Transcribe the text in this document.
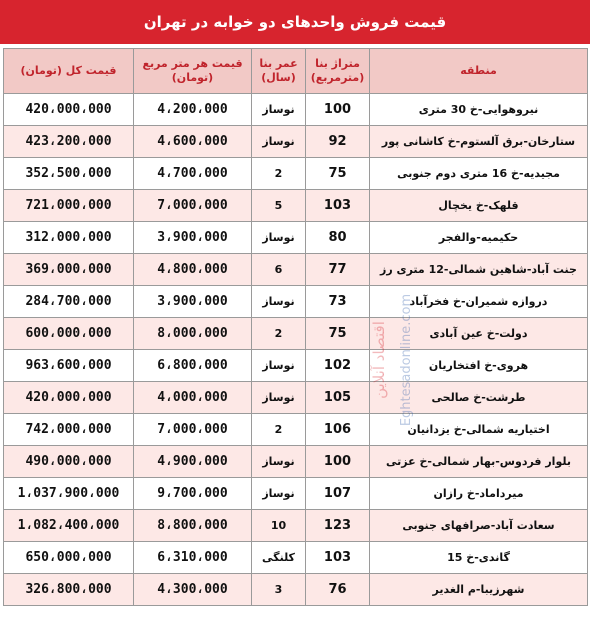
قیمت فروش واحدهای دو خوابه در تهران
منطقه	متراژ بنا (مترمربع)	عمر بنا (سال)	قیمت هر متر مربع (تومان)	قیمت کل (تومان)
نیروهوایی-خ 30 متری	100	نوساز	4،200،000	420،000،000
ستارخان-برق آلستوم-خ کاشانی پور	92	نوساز	4،600،000	423،200،000
مجیدیه-خ 16 متری دوم جنوبی	75	2	4،700،000	352،500،000
قلهک-خ یخچال	103	5	7،000،000	721،000،000
حکیمیه-والفجر	80	نوساز	3،900،000	312،000،000
جنت آباد-شاهین شمالی-12 متری رز	77	6	4،800،000	369،000،000
دروازه شمیران-خ فخرآباد	73	نوساز	3،900،000	284،700،000
دولت-خ عین آبادی	75	2	8،000،000	600،000،000
هروی-خ افتخاریان	102	نوساز	6،800،000	963،600،000
طرشت-خ صالحی	105	نوساز	4،000،000	420،000،000
اختیاریه شمالی-خ یزدانیان	106	2	7،000،000	742،000،000
بلوار فردوس-بهار شمالی-خ عزتی	100	نوساز	4،900،000	490،000،000
میرداماد-خ رازان	107	نوساز	9،700،000	1،037،900،000
سعادت آباد-صرافهای جنوبی	123	10	8،800،000	1،082،400،000
گاندی-خ 15	103	کلنگی	6،310،000	650،000،000
شهرزیبا-م الغدیر	76	3	4،300،000	326،800،000
اقتصاد آنلاین Eghtesadonline.com
